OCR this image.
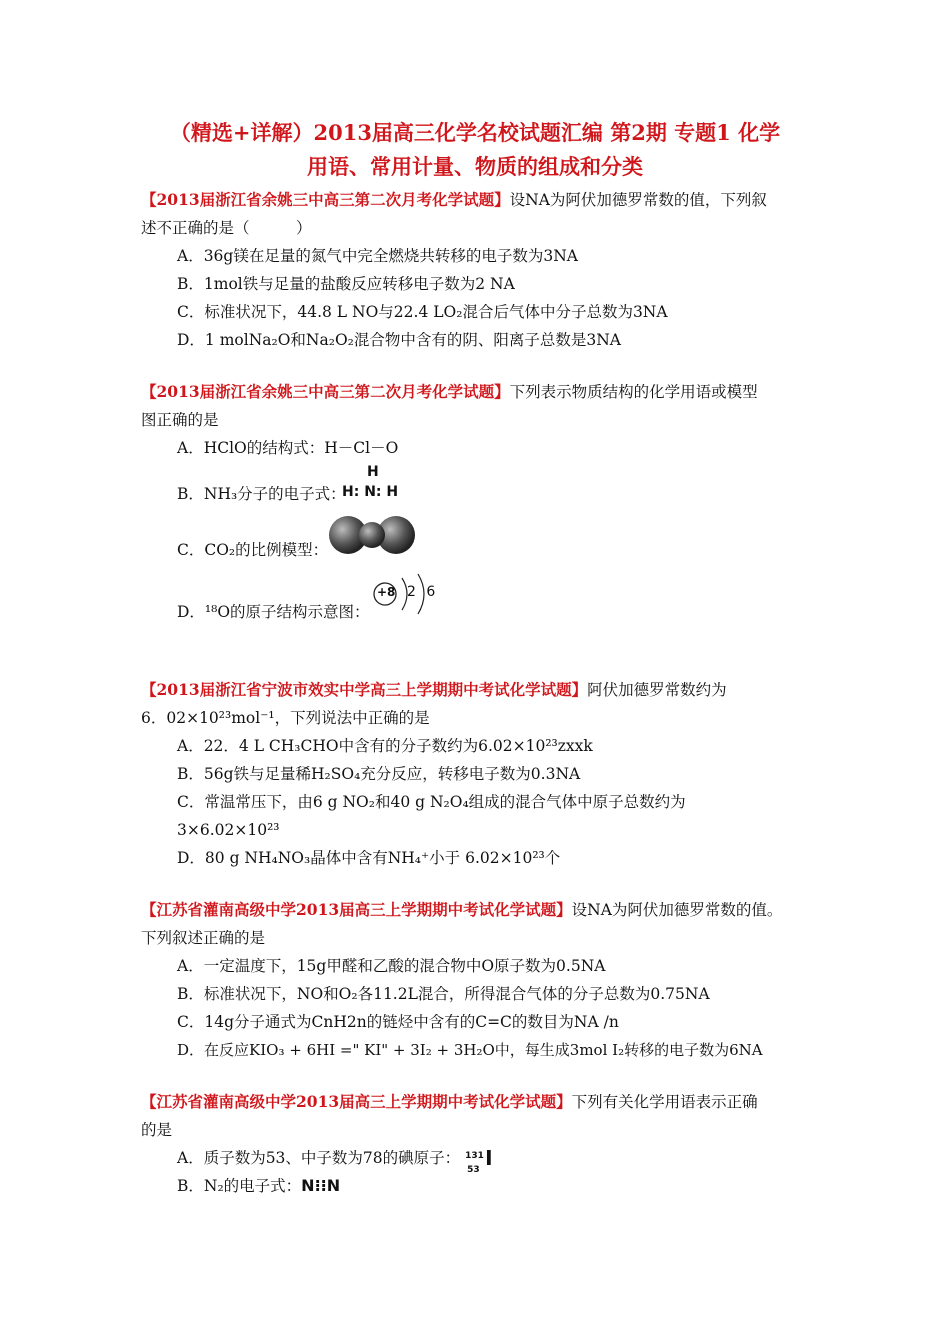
（精选+详解）2013届高三化学名校试题汇编 第2期 专题1 化学
用语、常用计量、物质的组成和分类
【2013届浙江省余姚三中高三第二次月考化学试题】设NA为阿伏加德罗常数的值，下列叙
述不正确的是（　　　）
A．36g镁在足量的氮气中完全燃烧共转移的电子数为3NA
B．1mol铁与足量的盐酸反应转移电子数为2 NA
C．标准状况下，44.8 L NO与22.4 LO₂混合后气体中分子总数为3NA
D．1 molNa₂O和Na₂O₂混合物中含有的阴、阳离子总数是3NA
【2013届浙江省余姚三中高三第二次月考化学试题】下列表示物质结构的化学用语或模型
图正确的是
A．HClO的结构式：H－Cl－O
B．NH₃分子的电子式：
H
H: N: H
C．CO₂的比例模型：
D．¹⁸O的原子结构示意图：
+8 2 6
【2013届浙江省宁波市效实中学高三上学期期中考试化学试题】阿伏加德罗常数约为
6．02×10²³mol⁻¹，下列说法中正确的是
A．22．4 L CH₃CHO中含有的分子数约为6.02×10²³zxxk
B．56g铁与足量稀H₂SO₄充分反应，转移电子数为0.3NA
C．常温常压下，由6 g NO₂和40 g N₂O₄组成的混合气体中原子总数约为
3×6.02×10²³
D．80 g NH₄NO₃晶体中含有NH₄⁺小于 6.02×10²³个
【江苏省灌南高级中学2013届高三上学期期中考试化学试题】设NA为阿伏加德罗常数的值。
下列叙述正确的是
A．一定温度下，15g甲醛和乙酸的混合物中O原子数为0.5NA
B．标准状况下，NO和O₂各11.2L混合，所得混合气体的分子总数为0.75NA
C．14g分子通式为CnH2n的链烃中含有的C=C的数目为NA /n
D．在反应KIO₃ + 6HI =" KI" + 3I₂ + 3H₂O中，每生成3mol I₂转移的电子数为6NA
【江苏省灌南高级中学2013届高三上学期期中考试化学试题】下列有关化学用语表示正确
的是
A．质子数为53、中子数为78的碘原子： 131
53 I
B．N₂的电子式：N⁝⁝N
